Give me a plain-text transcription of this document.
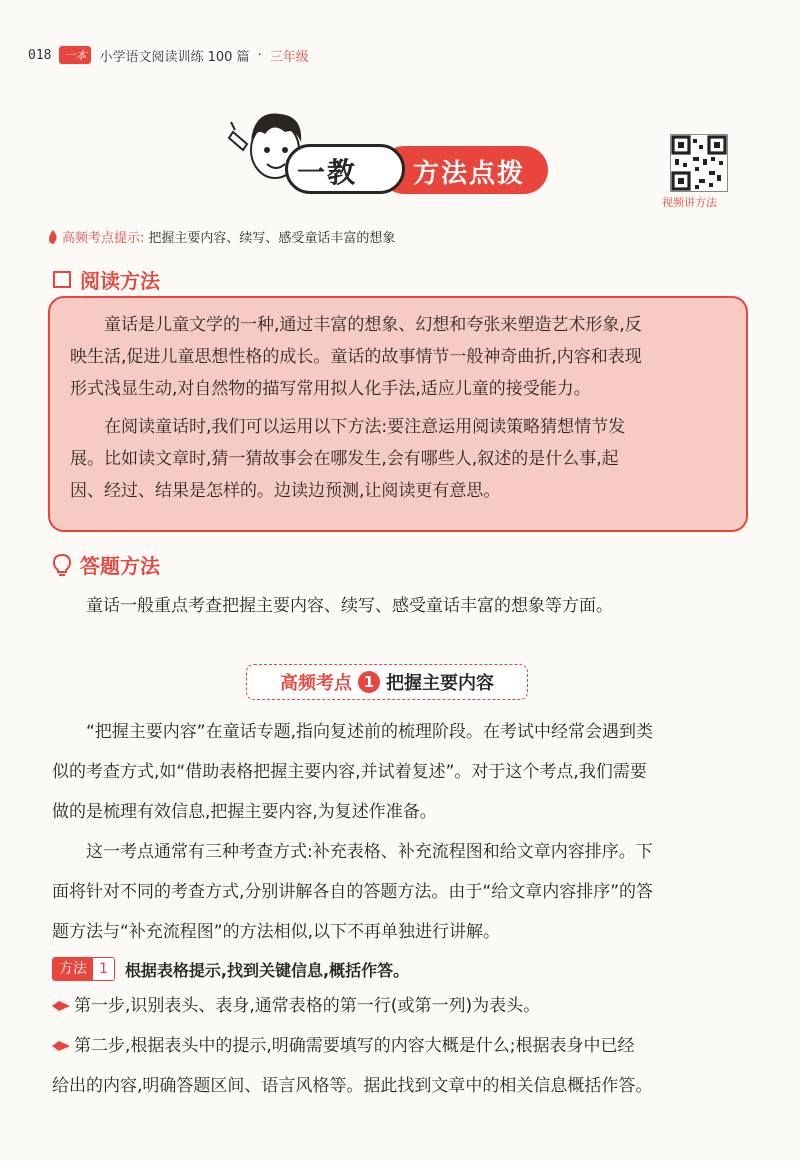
018	一本	小学语文阅读训练 100 篇 · 三年级
一教 方法点拨
视频讲方法
高频考点提示: 把握主要内容、续写、感受童话丰富的想象
阅读方法
童话是儿童文学的一种,通过丰富的想象、幻想和夸张来塑造艺术形象,反
映生活,促进儿童思想性格的成长。童话的故事情节一般神奇曲折,内容和表现
形式浅显生动,对自然物的描写常用拟人化手法,适应儿童的接受能力。
在阅读童话时,我们可以运用以下方法:要注意运用阅读策略猜想情节发
展。比如读文章时,猜一猜故事会在哪发生,会有哪些人,叙述的是什么事,起
因、经过、结果是怎样的。边读边预测,让阅读更有意思。
答题方法
童话一般重点考查把握主要内容、续写、感受童话丰富的想象等方面。
高频考点 1 把握主要内容
“把握主要内容”在童话专题,指向复述前的梳理阶段。在考试中经常会遇到类
似的考查方式,如“借助表格把握主要内容,并试着复述”。对于这个考点,我们需要
做的是梳理有效信息,把握主要内容,为复述作准备。
这一考点通常有三种考查方式:补充表格、补充流程图和给文章内容排序。下
面将针对不同的考查方式,分别讲解各自的答题方法。由于“给文章内容排序”的答
题方法与“补充流程图”的方法相似,以下不再单独进行讲解。
方法 1	根据表格提示,找到关键信息,概括作答。
第一步,识别表头、表身,通常表格的第一行(或第一列)为表头。
第二步,根据表头中的提示,明确需要填写的内容大概是什么;根据表身中已经
给出的内容,明确答题区间、语言风格等。据此找到文章中的相关信息概括作答。
